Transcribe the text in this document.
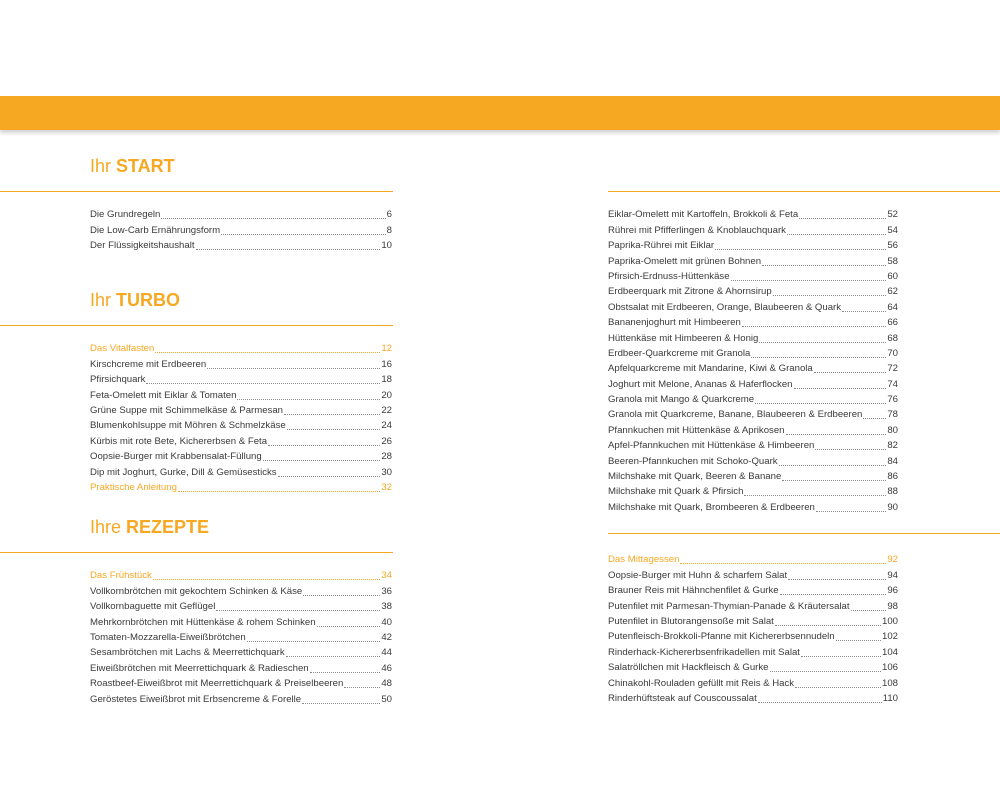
Ihr START
Die Grundregeln	6
Die Low-Carb Ernährungsform	8
Der Flüssigkeitshaushalt	10
Ihr TURBO
Das Vitalfasten	12
Kirschcreme mit Erdbeeren	16
Pfirsichquark	18
Feta-Omelett mit Eiklar & Tomaten	20
Grüne Suppe mit Schimmelkäse & Parmesan	22
Blumenkohlsuppe mit Möhren & Schmelzkäse	24
Kürbis mit rote Bete, Kichererbsen & Feta	26
Oopsie-Burger mit Krabbensalat-Füllung	28
Dip mit Joghurt, Gurke, Dill & Gemüsesticks	30
Praktische Anleitung	32
Ihre REZEPTE
Das Frühstück	34
Vollkornbrötchen mit gekochtem Schinken & Käse	36
Vollkornbaguette mit Geflügel	38
Mehrkornbrötchen mit Hüttenkäse & rohem Schinken	40
Tomaten-Mozzarella-Eiweißbrötchen	42
Sesambrötchen mit Lachs & Meerrettichquark	44
Eiweißbrötchen mit Meerrettichquark & Radieschen	46
Roastbeef-Eiweißbrot mit Meerrettichquark & Preiselbeeren	48
Geröstetes Eiweißbrot mit Erbsencreme & Forelle	50
Eiklar-Omelett mit Kartoffeln, Brokkoli & Feta	52
Rührei mit Pfifferlingen & Knoblauchquark	54
Paprika-Rührei mit Eiklar	56
Paprika-Omelett mit grünen Bohnen	58
Pfirsich-Erdnuss-Hüttenkäse	60
Erdbeerquark mit Zitrone & Ahornsirup	62
Obstsalat mit Erdbeeren, Orange, Blaubeeren & Quark	64
Bananenjoghurt mit Himbeeren	66
Hüttenkäse mit Himbeeren & Honig	68
Erdbeer-Quarkcreme mit Granola	70
Apfelquarkcreme mit Mandarine, Kiwi & Granola	72
Joghurt mit Melone, Ananas & Haferflocken	74
Granola mit Mango & Quarkcreme	76
Granola mit Quarkcreme, Banane, Blaubeeren & Erdbeeren	78
Pfannkuchen mit Hüttenkäse & Aprikosen	80
Apfel-Pfannkuchen mit Hüttenkäse & Himbeeren	82
Beeren-Pfannkuchen mit Schoko-Quark	84
Milchshake mit Quark, Beeren & Banane	86
Milchshake mit Quark & Pfirsich	88
Milchshake mit Quark, Brombeeren & Erdbeeren	90
Das Mittagessen	92
Oopsie-Burger mit Huhn & scharfem Salat	94
Brauner Reis mit Hähnchenfilet & Gurke	96
Putenfilet mit Parmesan-Thymian-Panade & Kräutersalat	98
Putenfilet in Blutorangensoße mit Salat	100
Putenfleisch-Brokkoli-Pfanne mit Kichererbsennudeln	102
Rinderhack-Kichererbsenfrikadellen mit Salat	104
Salatröllchen mit Hackfleisch & Gurke	106
Chinakohl-Rouladen gefüllt mit Reis & Hack	108
Rinderhüftsteak auf Couscoussalat	110
